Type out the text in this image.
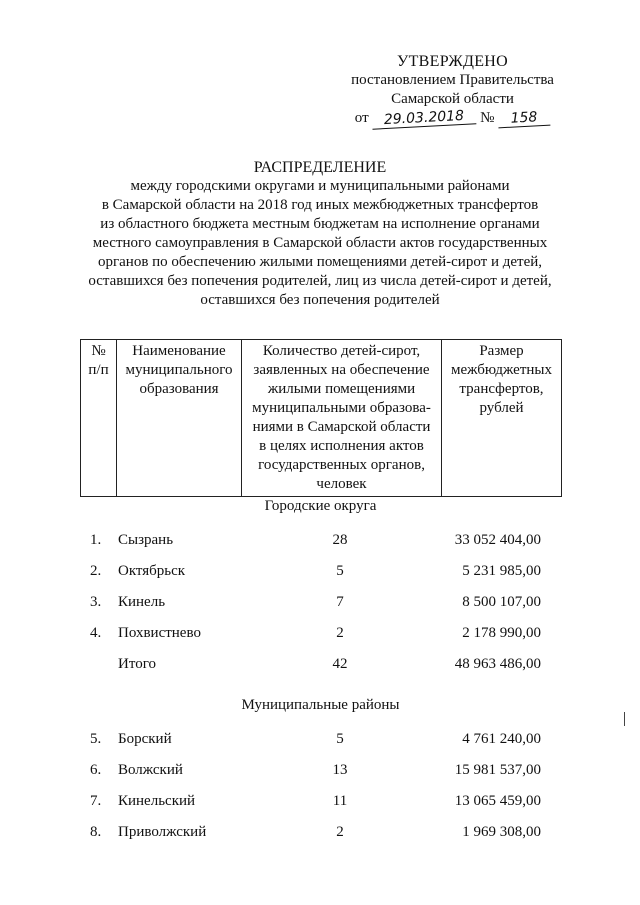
УТВЕРЖДЕНО
постановлением Правительства
Самарской области
от 29.03.2018 № 158
РАСПРЕДЕЛЕНИЕ
между городскими округами и муниципальными районами
в Самарской области на 2018 год иных межбюджетных трансфертов
из областного бюджета местным бюджетам на исполнение органами
местного самоуправления в Самарской области актов государственных
органов по обеспечению жилыми помещениями детей-сирот и детей,
оставшихся без попечения родителей, лиц из числа детей-сирот и детей,
оставшихся без попечения родителей
№
п/п

Наименование
муниципального
образования

Количество детей-сирот,
заявленных на обеспечение
жилыми помещениями
муниципальными образова-
ниями в Самарской области
в целях исполнения актов
государственных органов,
человек

Размер
межбюджетных
трансфертов,
рублей
Городские округа
1.	Сызрань	28	33 052 404,00
2.	Октябрьск	5	5 231 985,00
3.	Кинель	7	8 500 107,00
4.	Похвистнево	2	2 178 990,00
Итого	42	48 963 486,00
Муниципальные районы
5.	Борский	5	4 761 240,00
6.	Волжский	13	15 981 537,00
7.	Кинельский	11	13 065 459,00
8.	Приволжский	2	1 969 308,00
